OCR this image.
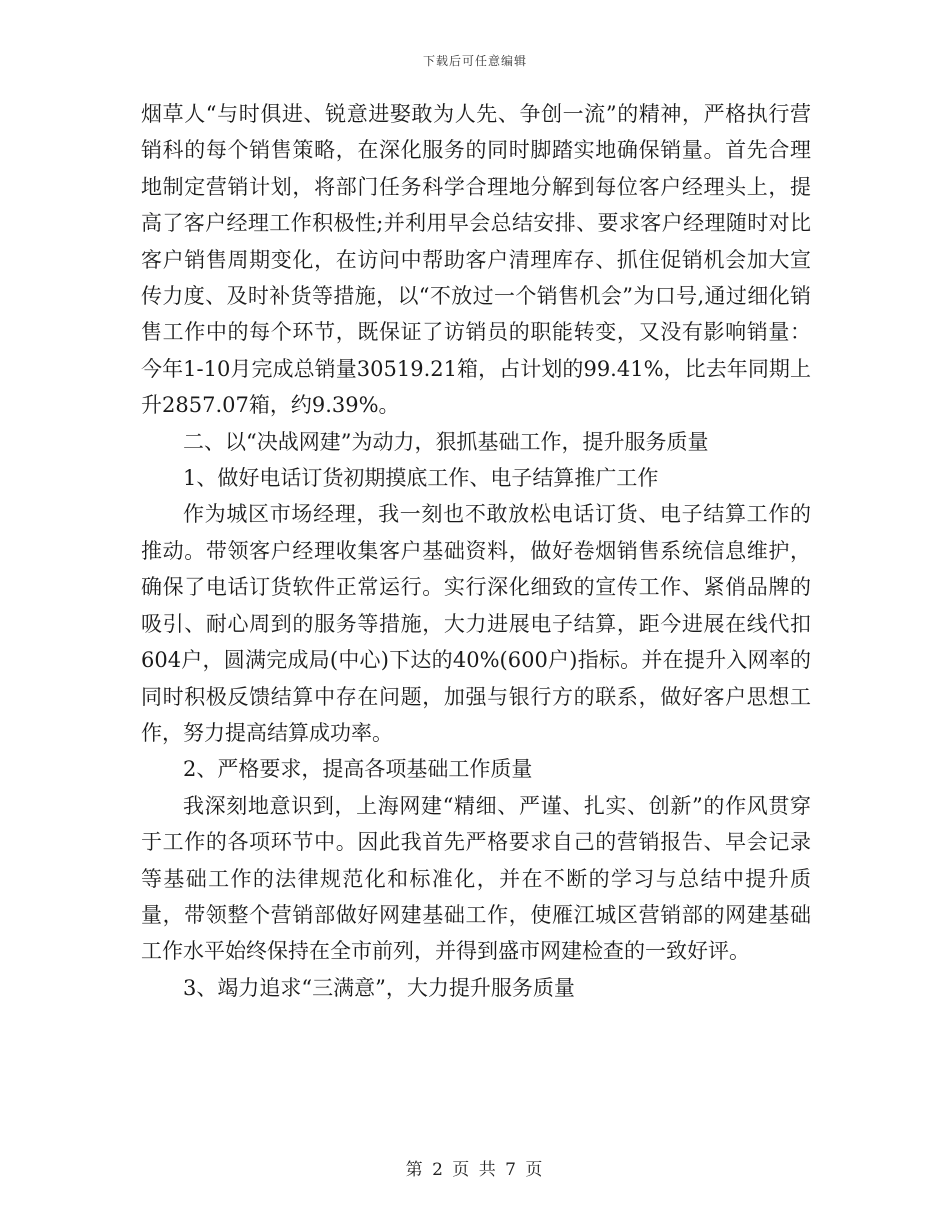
下载后可任意编辑

烟草人“与时俱进、锐意进娶敢为人先、争创一流”的精神，严格执行营销科的每个销售策略，在深化服务的同时脚踏实地确保销量。首先合理地制定营销计划，将部门任务科学合理地分解到每位客户经理头上，提高了客户经理工作积极性;并利用早会总结安排、要求客户经理随时对比客户销售周期变化，在访问中帮助客户清理库存、抓住促销机会加大宣传力度、及时补货等措施，以“不放过一个销售机会”为口号,通过细化销售工作中的每个环节，既保证了访销员的职能转变，又没有影响销量：今年1-10月完成总销量30519.21箱，占计划的99.41%，比去年同期上升2857.07箱，约9.39%。

二、以“决战网建”为动力，狠抓基础工作，提升服务质量

1、做好电话订货初期摸底工作、电子结算推广工作

作为城区市场经理，我一刻也不敢放松电话订货、电子结算工作的推动。带领客户经理收集客户基础资料，做好卷烟销售系统信息维护，确保了电话订货软件正常运行。实行深化细致的宣传工作、紧俏品牌的吸引、耐心周到的服务等措施，大力进展电子结算，距今进展在线代扣604户，圆满完成局(中心)下达的40%(600户)指标。并在提升入网率的同时积极反馈结算中存在问题，加强与银行方的联系，做好客户思想工作，努力提高结算成功率。

2、严格要求，提高各项基础工作质量

我深刻地意识到，上海网建“精细、严谨、扎实、创新”的作风贯穿于工作的各项环节中。因此我首先严格要求自己的营销报告、早会记录等基础工作的法律规范化和标准化，并在不断的学习与总结中提升质量，带领整个营销部做好网建基础工作，使雁江城区营销部的网建基础工作水平始终保持在全市前列，并得到盛市网建检查的一致好评。

3、竭力追求“三满意”，大力提升服务质量

第 2 页 共 7 页
